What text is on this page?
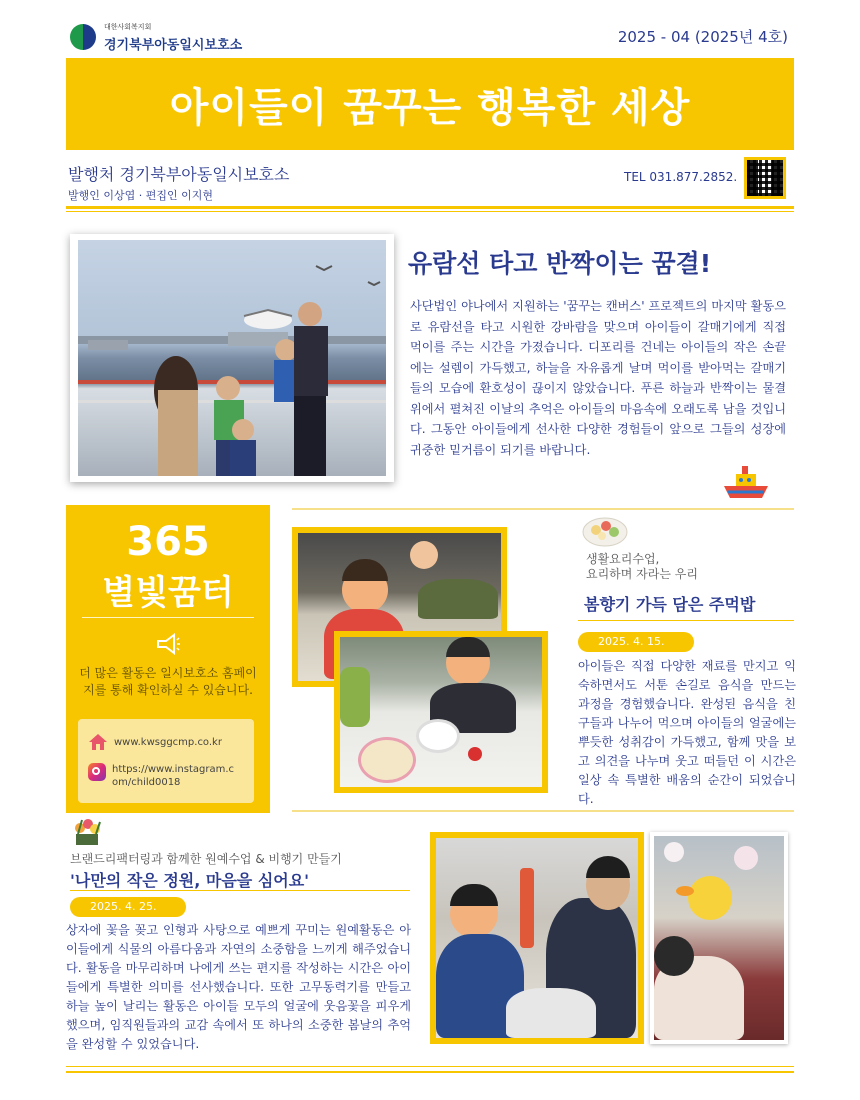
대한사회복지회
경기북부아동일시보호소	2025 - 04 (2025년 4호)
아이들이 꿈꾸는 행복한 세상
발행처 경기북부아동일시보호소
발행인 이상엽 · 편집인 이지현
TEL 031.877.2852.
유람선 타고 반짝이는 꿈결!
사단법인 야나에서 지원하는 '꿈꾸는 캔버스' 프로젝트의 마지막 활동으로 유람선을 타고 시원한 강바람을 맞으며 아이들이 갈매기에게 직접 먹이를 주는 시간을 가졌습니다. 디포리를 건네는 아이들의 작은 손끝에는 설렘이 가득했고, 하늘을 자유롭게 날며 먹이를 받아먹는 갈매기들의 모습에 환호성이 끊이지 않았습니다. 푸른 하늘과 반짝이는 물결 위에서 펼쳐진 이날의 추억은 아이들의 마음속에 오래도록 남을 것입니다. 그동안 아이들에게 선사한 다양한 경험들이 앞으로 그들의 성장에 귀중한 밑거름이 되기를 바랍니다.
365
별빛꿈터
더 많은 활동은 일시보호소 홈페이지를 통해 확인하실 수 있습니다.
www.kwsggcmp.co.kr
https://www.instagram.com/child0018
생활요리수업,
요리하며 자라는 우리
봄향기 가득 담은 주먹밥
2025. 4. 15.
아이들은 직접 다양한 재료를 만지고 익숙하면서도 서툰 손길로 음식을 만드는 과정을 경험했습니다. 완성된 음식을 친구들과 나누어 먹으며 아이들의 얼굴에는 뿌듯한 성취감이 가득했고, 함께 맛을 보고 의견을 나누며 웃고 떠들던 이 시간은 일상 속 특별한 배움의 순간이 되었습니다.
브랜드리팩터링과 함께한 원예수업 & 비행기 만들기
'나만의 작은 정원, 마음을 심어요'
2025. 4. 25.
상자에 꽃을 꽂고 인형과 사탕으로 예쁘게 꾸미는 원예활동은 아이들에게 식물의 아름다움과 자연의 소중함을 느끼게 해주었습니다. 활동을 마무리하며 나에게 쓰는 편지를 작성하는 시간은 아이들에게 특별한 의미를 선사했습니다. 또한 고무동력기를 만들고 하늘 높이 날리는 활동은 아이들 모두의 얼굴에 웃음꽃을 피우게 했으며, 임직원들과의 교감 속에서 또 하나의 소중한 봄날의 추억을 완성할 수 있었습니다.
